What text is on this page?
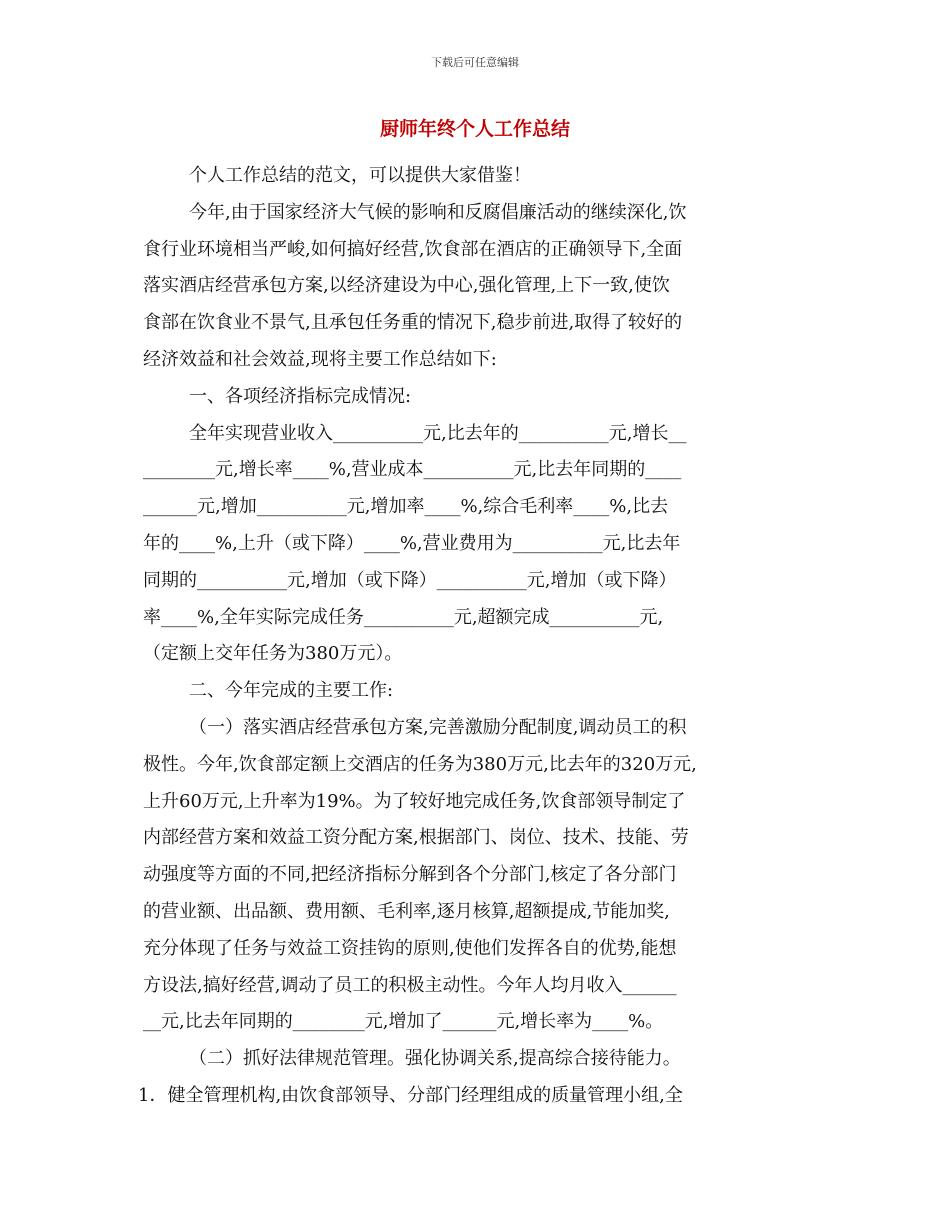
下载后可任意编辑
厨师年终个人工作总结
个人工作总结的范文，可以提供大家借鉴！
今年,由于国家经济大气候的影响和反腐倡廉活动的继续深化,饮
食行业环境相当严峻,如何搞好经营,饮食部在酒店的正确领导下,全面
落实酒店经营承包方案,以经济建设为中心,强化管理,上下一致,使饮
食部在饮食业不景气,且承包任务重的情况下,稳步前进,取得了较好的
经济效益和社会效益,现将主要工作总结如下:
一、各项经济指标完成情况:
全年实现营业收入__________元,比去年的__________元,增长__
________元,增长率____%,营业成本__________元,比去年同期的____
______元,增加__________元,增加率____%,综合毛利率____%,比去
年的____%,上升（或下降）____%,营业费用为__________元,比去年
同期的__________元,增加（或下降）__________元,增加（或下降）
率____%,全年实际完成任务__________元,超额完成__________元,
（定额上交年任务为380万元）。
二、今年完成的主要工作:
（一）落实酒店经营承包方案,完善激励分配制度,调动员工的积
极性。今年,饮食部定额上交酒店的任务为380万元,比去年的320万元,
上升60万元,上升率为19%。为了较好地完成任务,饮食部领导制定了
内部经营方案和效益工资分配方案,根据部门、岗位、技术、技能、劳
动强度等方面的不同,把经济指标分解到各个分部门,核定了各分部门
的营业额、出品额、费用额、毛利率,逐月核算,超额提成,节能加奖,
充分体现了任务与效益工资挂钩的原则,使他们发挥各自的优势,能想
方设法,搞好经营,调动了员工的积极主动性。今年人均月收入______
__元,比去年同期的________元,增加了______元,增长率为____%。
（二）抓好法律规范管理。强化协调关系,提高综合接待能力。
1．健全管理机构,由饮食部领导、分部门经理组成的质量管理小组,全
